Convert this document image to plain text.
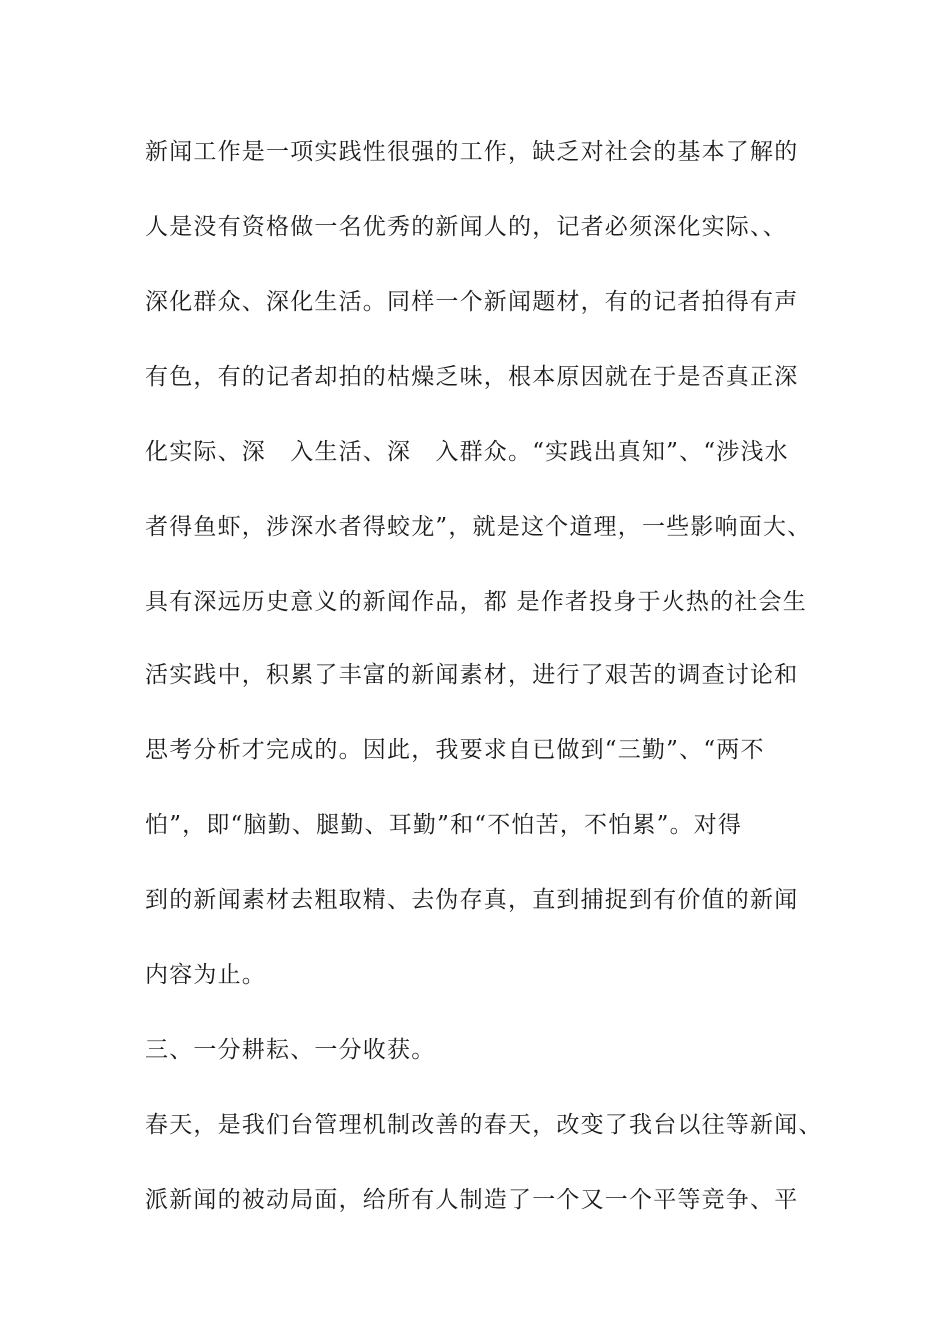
新闻工作是一项实践性很强的工作，缺乏对社会的基本了解的
人是没有资格做一名优秀的新闻人的，记者必须深化实际、、
深化群众、深化生活。同样一个新闻题材，有的记者拍得有声
有色，有的记者却拍的枯燥乏味，根本原因就在于是否真正深
化实际、深　入生活、深　入群众。“实践出真知”、“涉浅水
者得鱼虾，涉深水者得蛟龙”，就是这个道理，一些影响面大、
具有深远历史意义的新闻作品，都 是作者投身于火热的社会生
活实践中，积累了丰富的新闻素材，进行了艰苦的调查讨论和
思考分析才完成的。因此，我要求自已做到“三勤”、“两不
怕”，即“脑勤、腿勤、耳勤”和“不怕苦，不怕累”。对得
到的新闻素材去粗取精、去伪存真，直到捕捉到有价值的新闻
内容为止。
三、一分耕耘、一分收获。
春天，是我们台管理机制改善的春天，改变了我台以往等新闻、
派新闻的被动局面，给所有人制造了一个又一个平等竞争、平
